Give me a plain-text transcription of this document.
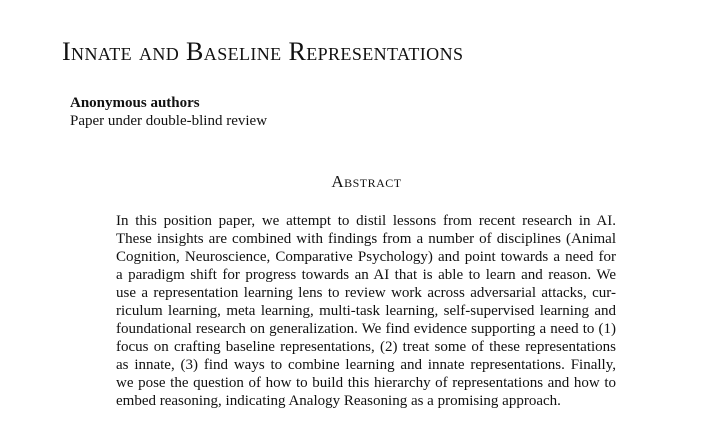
Innate and Baseline Representations
Anonymous authors
Paper under double-blind review
Abstract
In this position paper, we attempt to distil lessons from recent research in AI.
These insights are combined with findings from a number of disciplines (Animal
Cognition, Neuroscience, Comparative Psychology) and point towards a need for
a paradigm shift for progress towards an AI that is able to learn and reason. We
use a representation learning lens to review work across adversarial attacks, cur-
riculum learning, meta learning, multi-task learning, self-supervised learning and
foundational research on generalization. We find evidence supporting a need to (1)
focus on crafting baseline representations, (2) treat some of these representations
as innate, (3) find ways to combine learning and innate representations. Finally,
we pose the question of how to build this hierarchy of representations and how to
embed reasoning, indicating Analogy Reasoning as a promising approach.
